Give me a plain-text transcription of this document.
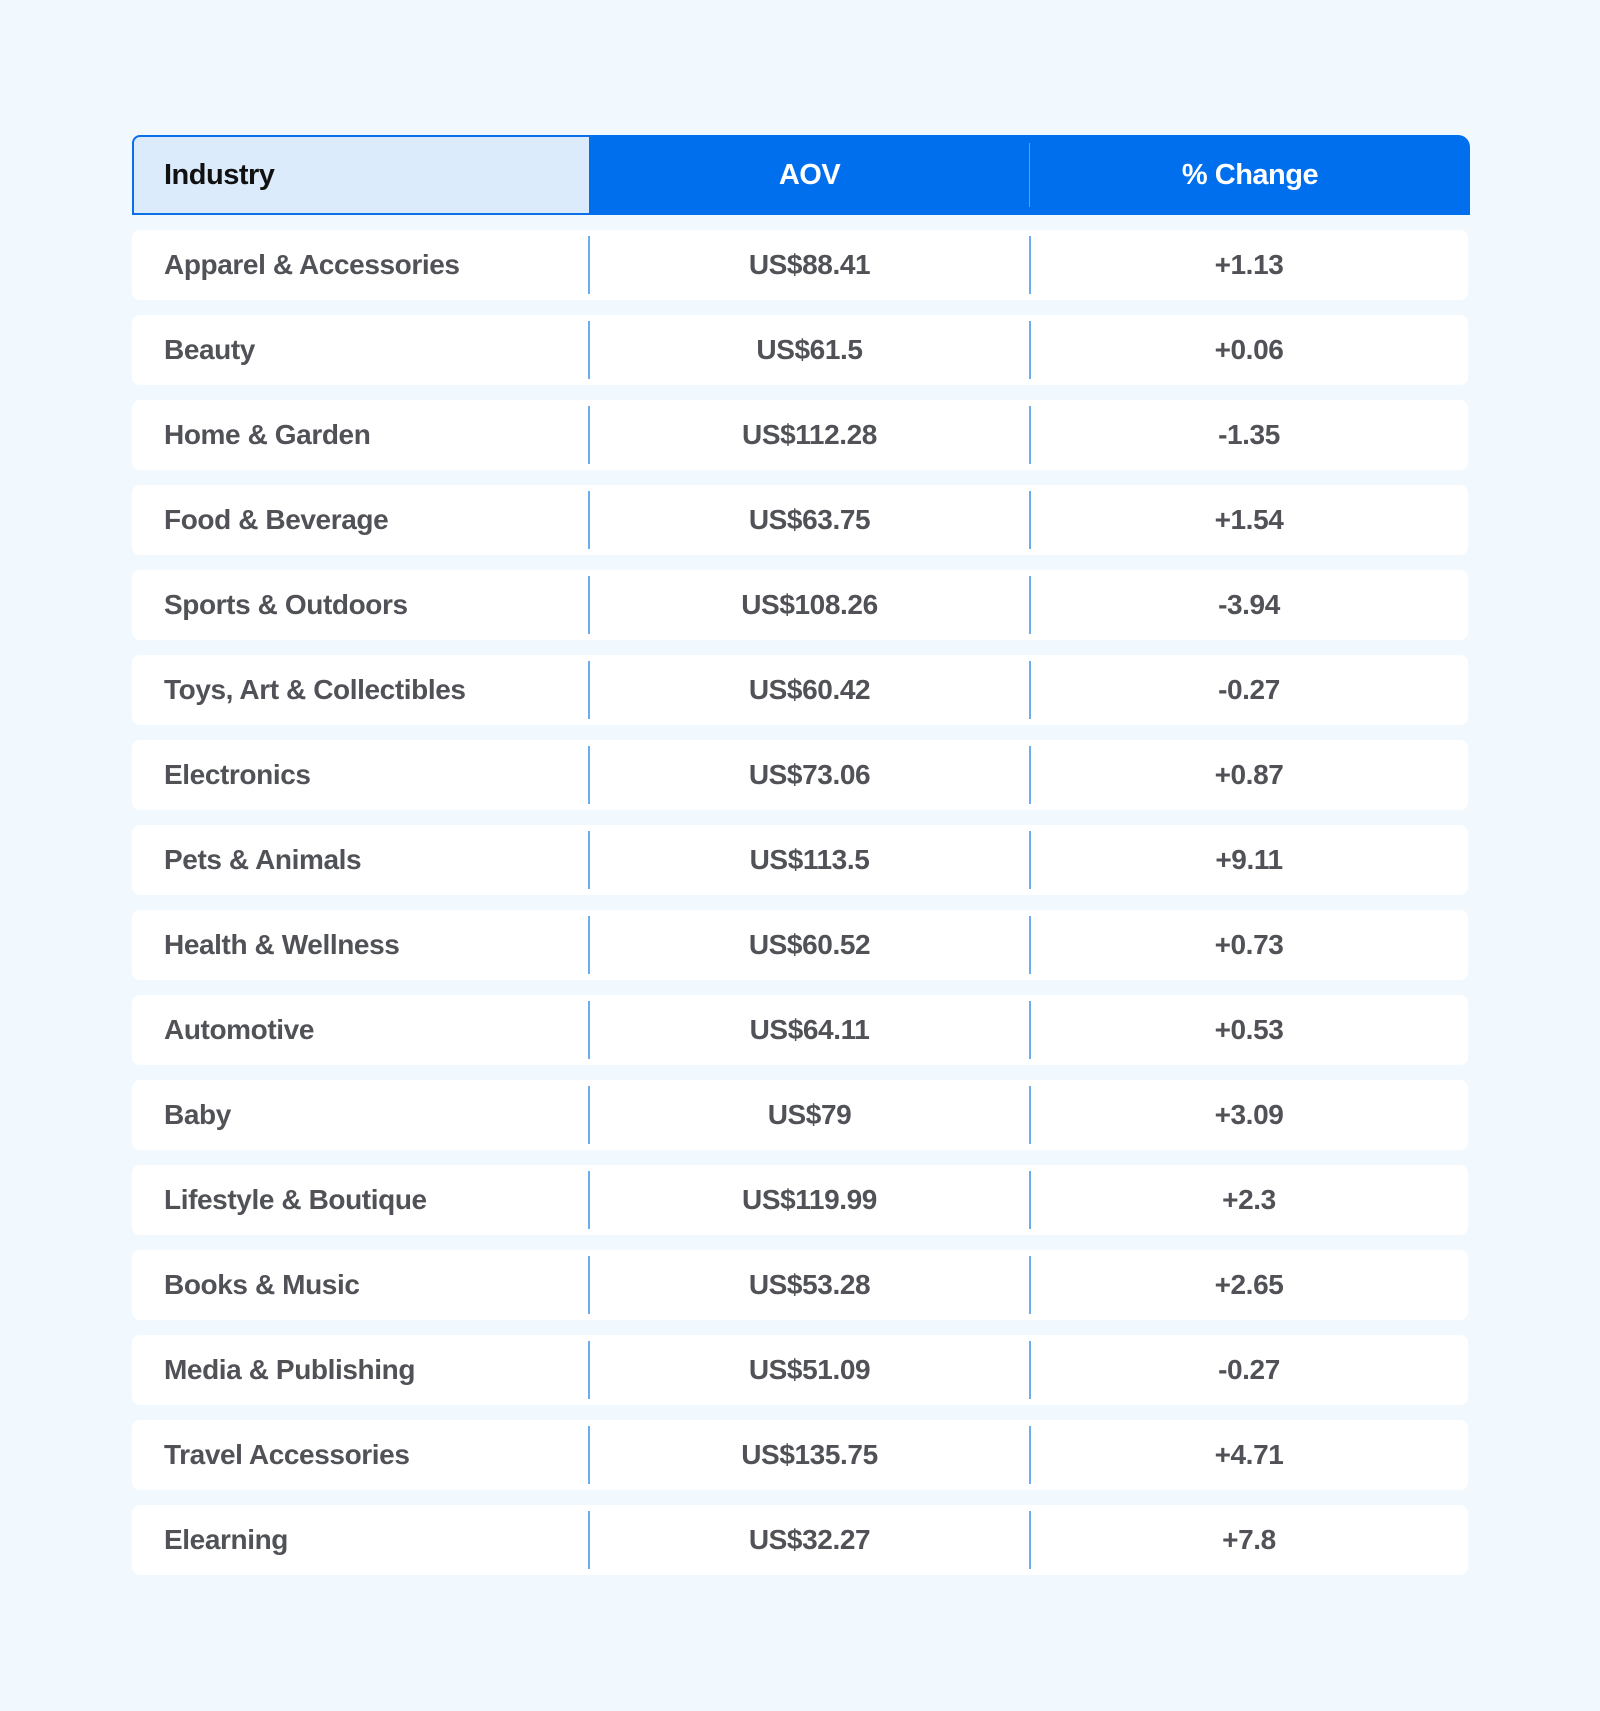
Industry	AOV	% Change
Apparel & Accessories	US$88.41	+1.13
Beauty	US$61.5	+0.06
Home & Garden	US$112.28	-1.35
Food & Beverage	US$63.75	+1.54
Sports & Outdoors	US$108.26	-3.94
Toys, Art & Collectibles	US$60.42	-0.27
Electronics	US$73.06	+0.87
Pets & Animals	US$113.5	+9.11
Health & Wellness	US$60.52	+0.73
Automotive	US$64.11	+0.53
Baby	US$79	+3.09
Lifestyle & Boutique	US$119.99	+2.3
Books & Music	US$53.28	+2.65
Media & Publishing	US$51.09	-0.27
Travel Accessories	US$135.75	+4.71
Elearning	US$32.27	+7.8
